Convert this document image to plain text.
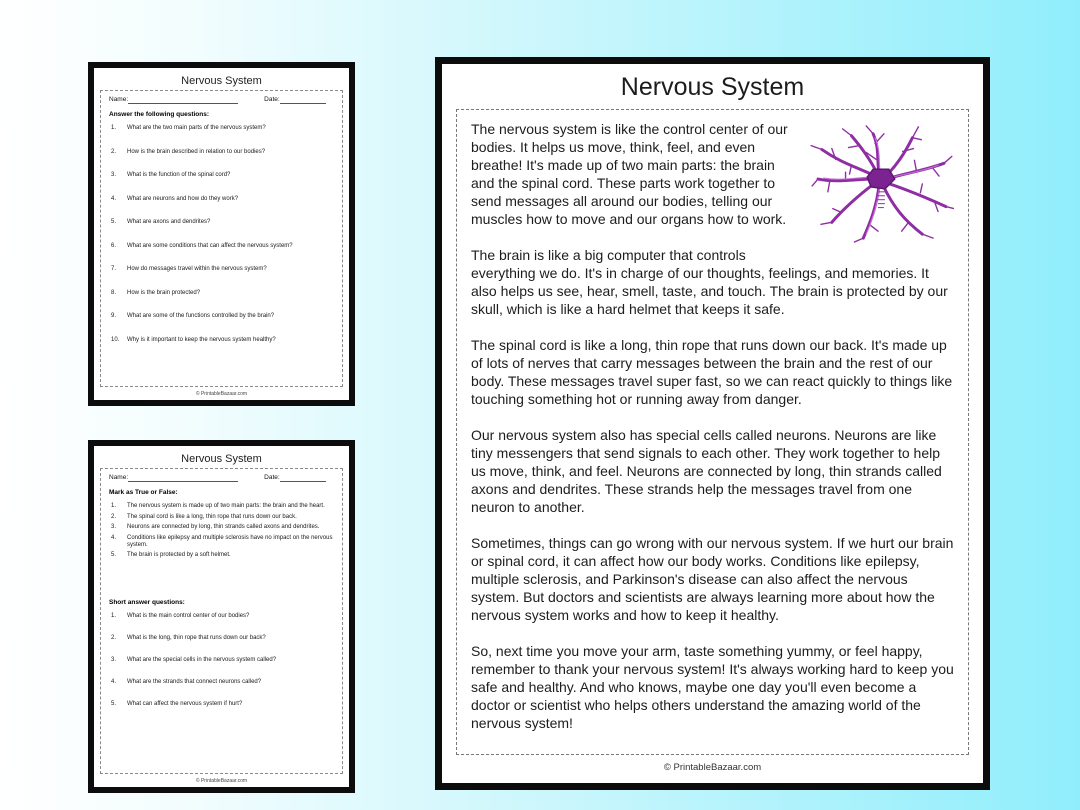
Nervous System
Name:	Date:
Answer the following questions:
What are the two main parts of the nervous system?
How is the brain described in relation to our bodies?
What is the function of the spinal cord?
What are neurons and how do they work?
What are axons and dendrites?
What are some conditions that can affect the nervous system?
How do messages travel within the nervous system?
How is the brain protected?
What are some of the functions controlled by the brain?
Why is it important to keep the nervous system healthy?
© PrintableBazaar.com
Nervous System
Name:	Date:
Mark as True or False:
The nervous system is made up of two main parts: the brain and the heart.
The spinal cord is like a long, thin rope that runs down our back.
Neurons are connected by long, thin strands called axons and dendrites.
Conditions like epilepsy and multiple sclerosis have no impact on the nervous system.
The brain is protected by a soft helmet.
Short answer questions:
What is the main control center of our bodies?
What is the long, thin rope that runs down our back?
What are the special cells in the nervous system called?
What are the strands that connect neurons called?
What can affect the nervous system if hurt?
© PrintableBazaar.com
Nervous System

The nervous system is like the control center of our bodies. It helps us move, think, feel, and even breathe! It's made up of two main parts: the brain and the spinal cord. These parts work together to send messages all around our bodies, telling our muscles how to move and our organs how to work.

The brain is like a big computer that controls everything we do. It's in charge of our thoughts, feelings, and memories. It also helps us see, hear, smell, taste, and touch. The brain is protected by our skull, which is like a hard helmet that keeps it safe.

The spinal cord is like a long, thin rope that runs down our back. It's made up of lots of nerves that carry messages between the brain and the rest of our body. These messages travel super fast, so we can react quickly to things like touching something hot or running away from danger.

Our nervous system also has special cells called neurons. Neurons are like tiny messengers that send signals to each other. They work together to help us move, think, and feel. Neurons are connected by long, thin strands called axons and dendrites. These strands help the messages travel from one neuron to another.

Sometimes, things can go wrong with our nervous system. If we hurt our brain or spinal cord, it can affect how our body works. Conditions like epilepsy, multiple sclerosis, and Parkinson's disease can also affect the nervous system. But doctors and scientists are always learning more about how the nervous system works and how to keep it healthy.

So, next time you move your arm, taste something yummy, or feel happy, remember to thank your nervous system! It's always working hard to keep you safe and healthy. And who knows, maybe one day you'll even become a doctor or scientist who helps others understand the amazing world of the nervous system!

© PrintableBazaar.com
